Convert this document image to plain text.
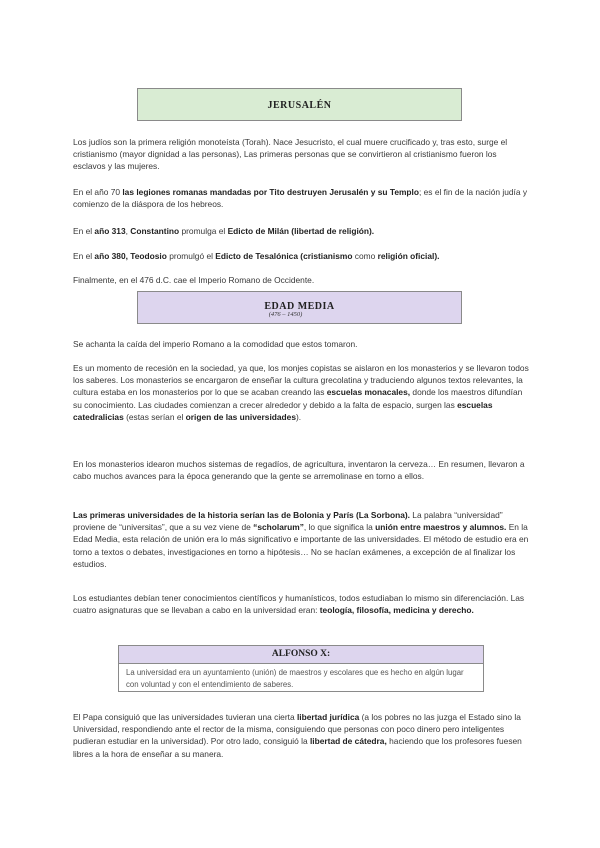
JERUSALÉN

Los judíos son la primera religión monoteísta (Torah). Nace Jesucristo, el cual muere crucificado y, tras esto, surge el cristianismo (mayor dignidad a las personas), Las primeras personas que se convirtieron al cristianismo fueron los esclavos y las mujeres.

En el año 70 las legiones romanas mandadas por Tito destruyen Jerusalén y su Templo; es el fin de la nación judía y comienzo de la diáspora de los hebreos.

En el año 313, Constantino promulga el Edicto de Milán (libertad de religión).

En el año 380, Teodosio promulgó el Edicto de Tesalónica (cristianismo como religión oficial).

Finalmente, en el 476 d.C. cae el Imperio Romano de Occidente.

EDAD MEDIA
(476 – 1450)

Se achanta la caída del imperio Romano a la comodidad que estos tomaron.

Es un momento de recesión en la sociedad, ya que, los monjes copistas se aislaron en los monasterios y se llevaron todos los saberes. Los monasterios se encargaron de enseñar la cultura grecolatina y traduciendo algunos textos relevantes, la cultura estaba en los monasterios por lo que se acaban creando las escuelas monacales, donde los maestros difundían su conocimiento. Las ciudades comienzan a crecer alrededor y debido a la falta de espacio, surgen las escuelas catedralicias (estas serían el origen de las universidades).

En los monasterios idearon muchos sistemas de regadíos, de agricultura, inventaron la cerveza… En resumen, llevaron a cabo muchos avances para la época generando que la gente se arremolinase en torno a ellos.

Las primeras universidades de la historia serían las de Bolonia y París (La Sorbona). La palabra “universidad” proviene de “universitas”, que a su vez viene de “scholarum”, lo que significa la unión entre maestros y alumnos. En la Edad Media, esta relación de unión era lo más significativo e importante de las universidades. El método de estudio era en torno a textos o debates, investigaciones en torno a hipótesis… No se hacían exámenes, a excepción de al finalizar los estudios.

Los estudiantes debían tener conocimientos científicos y humanísticos, todos estudiaban lo mismo sin diferenciación. Las cuatro asignaturas que se llevaban a cabo en la universidad eran: teología, filosofía, medicina y derecho.

ALFONSO X:
La universidad era un ayuntamiento (unión) de maestros y escolares que es hecho en algún lugar con voluntad y con el entendimiento de saberes.

El Papa consiguió que las universidades tuvieran una cierta libertad jurídica (a los pobres no las juzga el Estado sino la Universidad, respondiendo ante el rector de la misma, consiguiendo que personas con poco dinero pero inteligentes pudieran estudiar en la universidad). Por otro lado, consiguió la libertad de cátedra, haciendo que los profesores fuesen libres a la hora de enseñar a su manera.
